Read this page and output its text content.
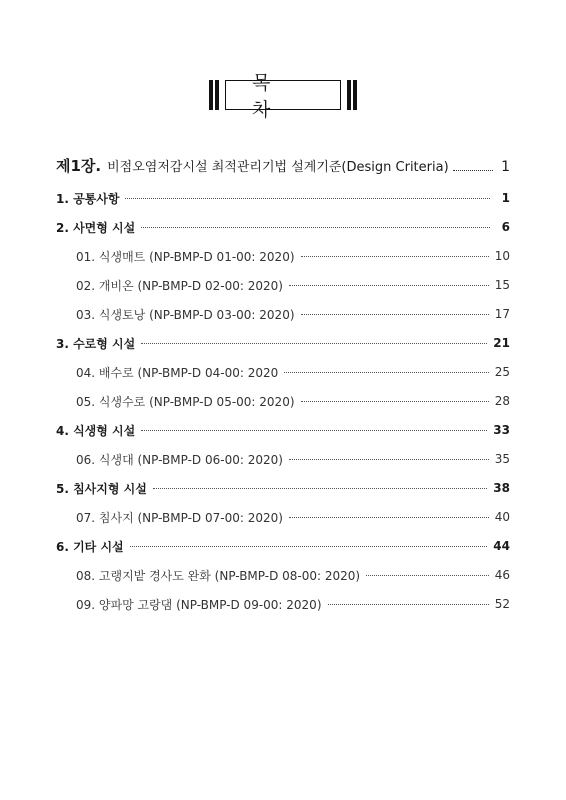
목 차
제1장. 비점오염저감시설 최적관리기법 설계기준(Design Criteria)	1
1. 공통사항	1
2. 사면형 시설	6
01. 식생매트 (NP-BMP-D 01-00: 2020)	10
02. 개비온 (NP-BMP-D 02-00: 2020)	15
03. 식생토낭 (NP-BMP-D 03-00: 2020)	17
3. 수로형 시설	21
04. 배수로 (NP-BMP-D 04-00: 2020	25
05. 식생수로 (NP-BMP-D 05-00: 2020)	28
4. 식생형 시설	33
06. 식생대 (NP-BMP-D 06-00: 2020)	35
5. 침사지형 시설	38
07. 침사지 (NP-BMP-D 07-00: 2020)	40
6. 기타 시설	44
08. 고랭지밭 경사도 완화 (NP-BMP-D 08-00: 2020)	46
09. 양파망 고랑댐 (NP-BMP-D 09-00: 2020)	52
